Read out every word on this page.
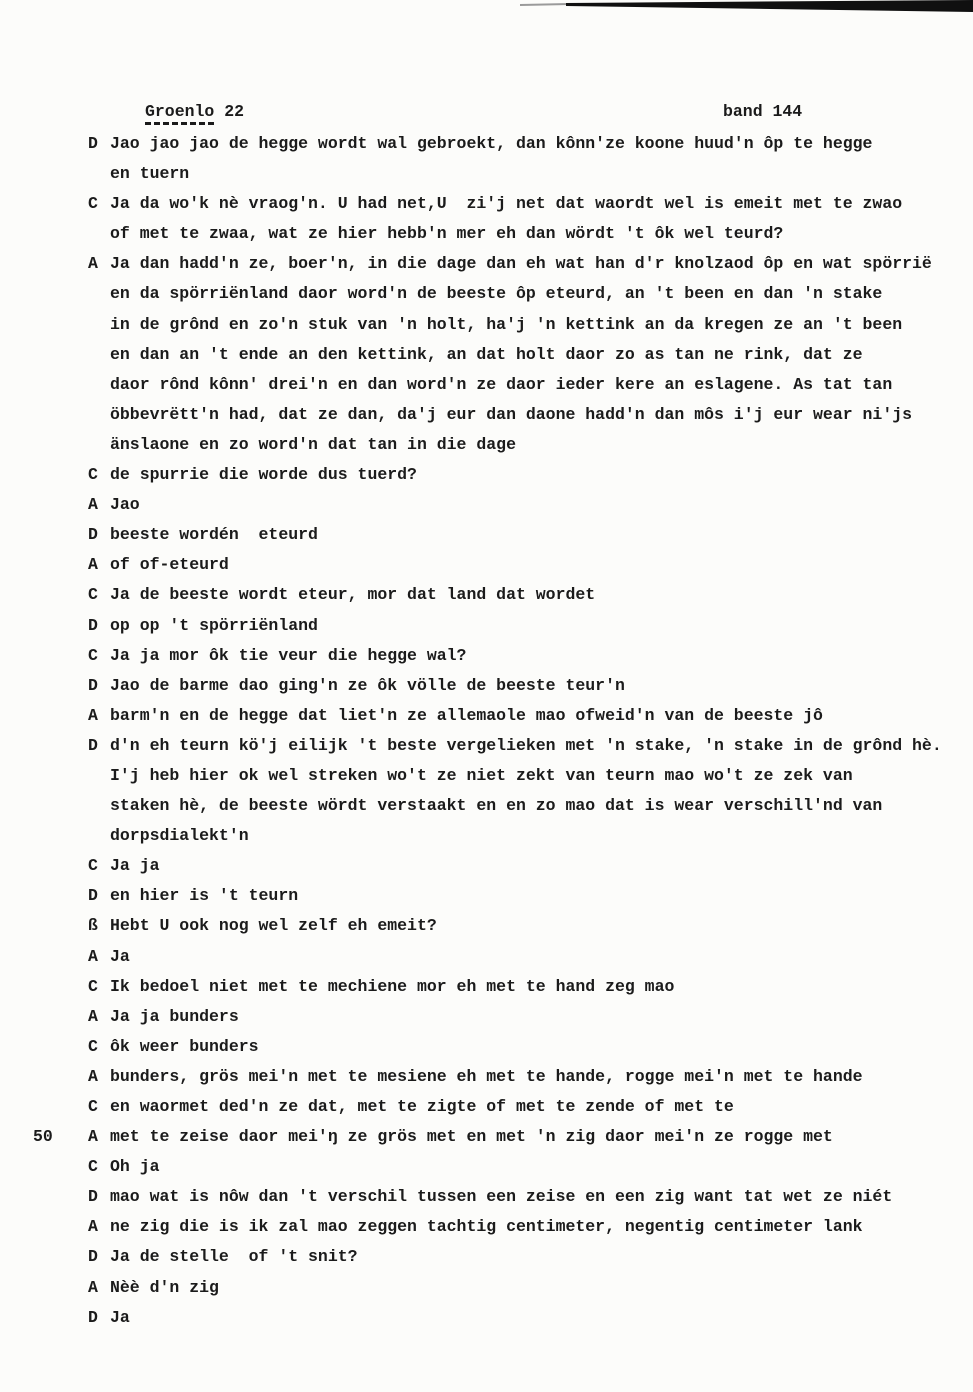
Groenlo 22	band 144
D Jao jao jao de hegge wordt wal gebroekt, dan kônn'ze koone huud'n ôp te hegge
en tuern
C Ja da wo'k nè vraog'n. U had net,U  zi'j net dat waordt wel is emeit met te zwao
of met te zwaa, wat ze hier hebb'n mer eh dan wördt 't ôk wel teurd?
A Ja dan hadd'n ze, boer'n, in die dage dan eh wat han d'r knolzaod ôp en wat spörrië
en da spörriënland daor word'n de beeste ôp eteurd, an 't been en dan 'n stake
in de grônd en zo'n stuk van 'n holt, ha'j 'n kettink an da kregen ze an 't been
en dan an 't ende an den kettink, an dat holt daor zo as tan ne rink, dat ze
daor rônd kônn' drei'n en dan word'n ze daor ieder kere an eslagene. As tat tan
öbbevrëtt'n had, dat ze dan, da'j eur dan daone hadd'n dan môs i'j eur wear ni'js
änslaone en zo word'n dat tan in die dage
C de spurrie die worde dus tuerd?
A Jao
D beeste wordén  eteurd
A of of-eteurd
C Ja de beeste wordt eteur, mor dat land dat wordet
D op op 't spörriënland
C Ja ja mor ôk tie veur die hegge wal?
D Jao de barme dao ging'n ze ôk völle de beeste teur'n
A barm'n en de hegge dat liet'n ze allemaole mao ofweid'n van de beeste jô
D d'n eh teurn kö'j eilijk 't beste vergelieken met 'n stake, 'n stake in de grônd hè.
I'j heb hier ok wel streken wo't ze niet zekt van teurn mao wo't ze zek van
staken hè, de beeste wördt verstaakt en en zo mao dat is wear verschill'nd van
dorpsdialekt'n
C Ja ja
D en hier is 't teurn
ß Hebt U ook nog wel zelf eh emeit?
A Ja
C Ik bedoel niet met te mechiene mor eh met te hand zeg mao
A Ja ja bunders
C ôk weer bunders
A bunders, grös mei'n met te mesiene eh met te hande, rogge mei'n met te hande
C en waormet ded'n ze dat, met te zigte of met te zende of met te
50 A met te zeise daor mei'ŋ ze grös met en met 'n zig daor mei'n ze rogge met
C Oh ja
D mao wat is nôw dan 't verschil tussen een zeise en een zig want tat wet ze niét
A ne zig die is ik zal mao zeggen tachtig centimeter, negentig centimeter lank
D Ja de stelle  of 't snit?
A Nèè d'n zig
D Ja
